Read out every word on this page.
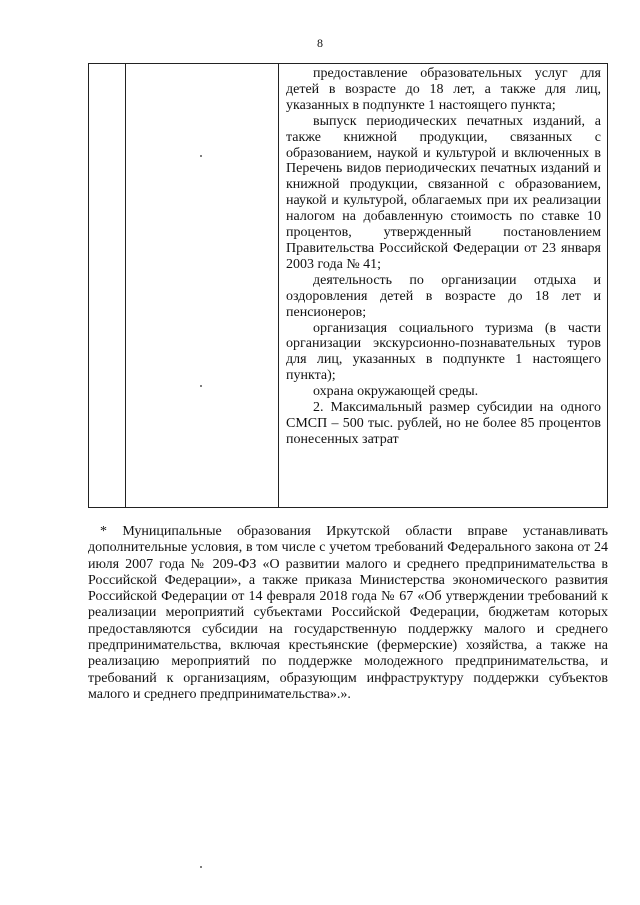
8

предоставление образовательных услуг для детей в возрасте до 18 лет, а также для лиц, указанных в подпункте 1 настоящего пункта;

выпуск периодических печатных изданий, а также книжной продукции, связанных с образованием, наукой и культурой и включенных в Перечень видов периодических печатных изданий и книжной продукции, связанной с образованием, наукой и культурой, облагаемых при их реализации налогом на добавленную стоимость по ставке 10 процентов, утвержденный постановлением Правительства Российской Федерации от 23 января 2003 года № 41;

деятельность по организации отдыха и оздоровления детей в возрасте до 18 лет и пенсионеров;

организация социального туризма (в части организации экскурсионно-познавательных туров для лиц, указанных в подпункте 1 настоящего пункта);

охрана окружающей среды.

2. Максимальный размер субсидии на одного СМСП – 500 тыс. рублей, но не более 85 процентов понесенных затрат

* Муниципальные образования Иркутской области вправе устанавливать дополнительные условия, в том числе с учетом требований Федерального закона от 24 июля 2007 года № 209-ФЗ «О развитии малого и среднего предпринимательства в Российской Федерации», а также приказа Министерства экономического развития Российской Федерации от 14 февраля 2018 года № 67 «Об утверждении требований к реализации мероприятий субъектами Российской Федерации, бюджетам которых предоставляются субсидии на государственную поддержку малого и среднего предпринимательства, включая крестьянские (фермерские) хозяйства, а также на реализацию мероприятий по поддержке молодежного предпринимательства, и требований к организациям, образующим инфраструктуру поддержки субъектов малого и среднего предпринимательства».».
